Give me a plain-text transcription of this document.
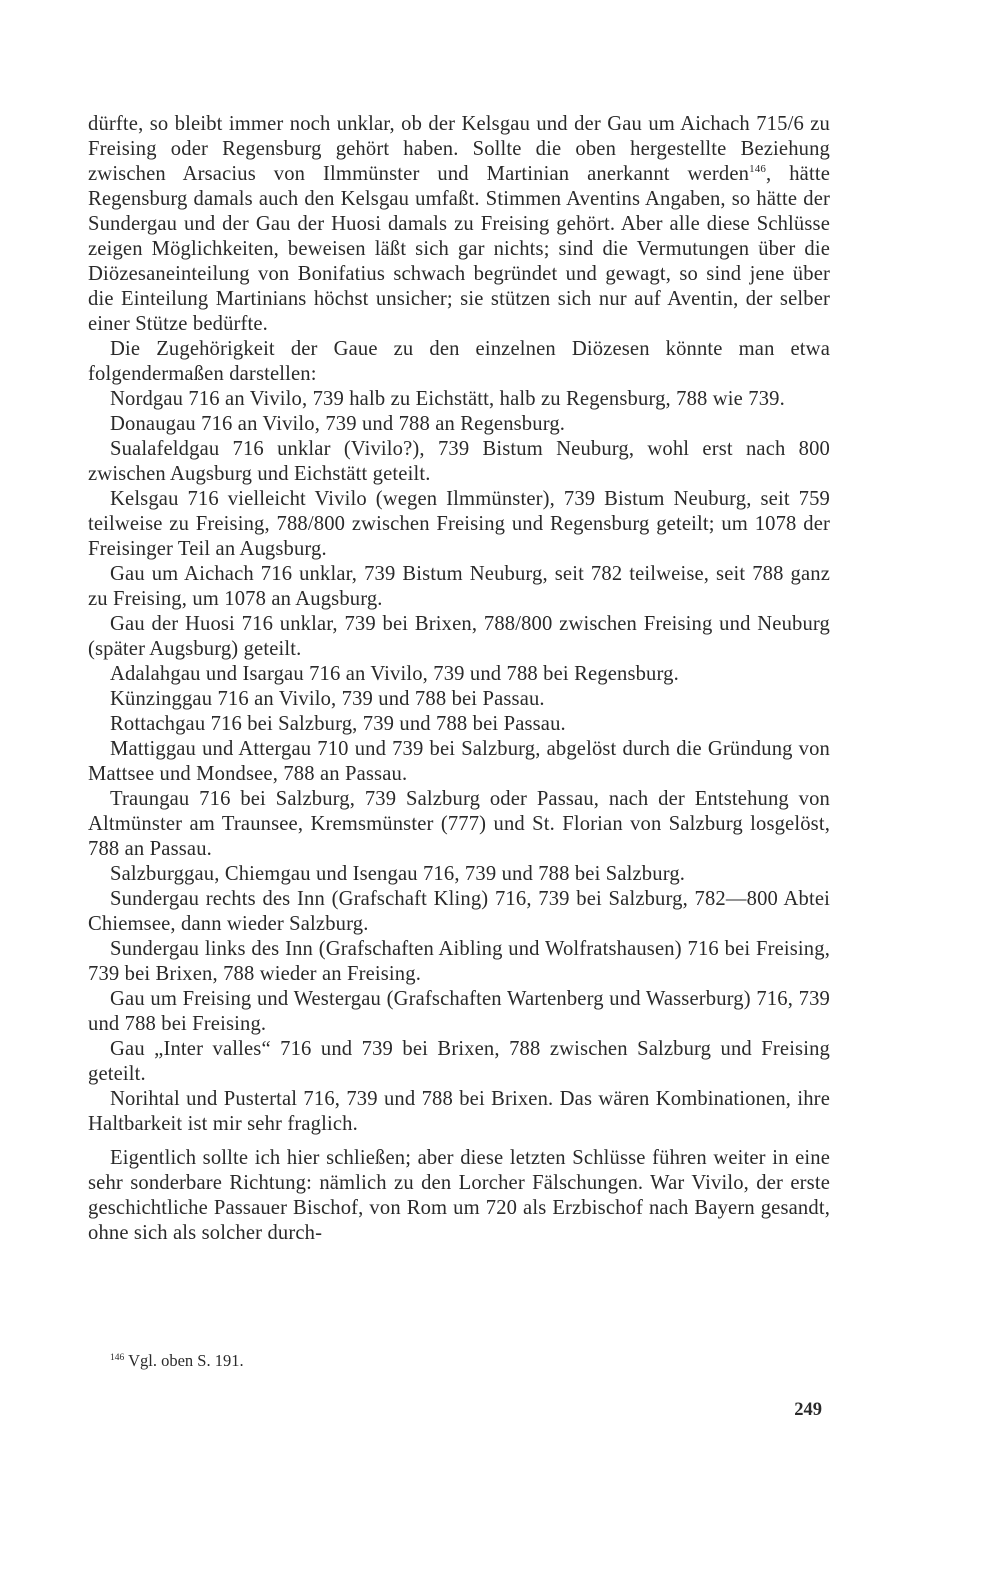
dürfte, so bleibt immer noch unklar, ob der Kelsgau und der Gau um Aichach 715/6 zu Freising oder Regensburg gehört haben. Sollte die oben hergestellte Beziehung zwischen Arsacius von Ilmmünster und Martinian anerkannt werden$^{146}$, hätte Regensburg damals auch den Kelsgau umfaßt. Stimmen Aventins Angaben, so hätte der Sundergau und der Gau der Huosi damals zu Freising gehört. Aber alle diese Schlüsse zeigen Möglichkeiten, beweisen läßt sich gar nichts; sind die Vermutungen über die Diözesaneinteilung von Bonifatius schwach begründet und gewagt, so sind jene über die Einteilung Martinians höchst unsicher; sie stützen sich nur auf Aventin, der selber einer Stütze bedürfte.

Die Zugehörigkeit der Gaue zu den einzelnen Diözesen könnte man etwa folgendermaßen darstellen:

Nordgau 716 an Vivilo, 739 halb zu Eichstätt, halb zu Regensburg, 788 wie 739.

Donaugau 716 an Vivilo, 739 und 788 an Regensburg.

Sualafeldgau 716 unklar (Vivilo?), 739 Bistum Neuburg, wohl erst nach 800 zwischen Augsburg und Eichstätt geteilt.

Kelsgau 716 vielleicht Vivilo (wegen Ilmmünster), 739 Bistum Neuburg, seit 759 teilweise zu Freising, 788/800 zwischen Freising und Regensburg geteilt; um 1078 der Freisinger Teil an Augsburg.

Gau um Aichach 716 unklar, 739 Bistum Neuburg, seit 782 teilweise, seit 788 ganz zu Freising, um 1078 an Augsburg.

Gau der Huosi 716 unklar, 739 bei Brixen, 788/800 zwischen Freising und Neuburg (später Augsburg) geteilt.

Adalahgau und Isargau 716 an Vivilo, 739 und 788 bei Regensburg.

Künzinggau 716 an Vivilo, 739 und 788 bei Passau.

Rottachgau 716 bei Salzburg, 739 und 788 bei Passau.

Mattiggau und Attergau 710 und 739 bei Salzburg, abgelöst durch die Gründung von Mattsee und Mondsee, 788 an Passau.

Traungau 716 bei Salzburg, 739 Salzburg oder Passau, nach der Entstehung von Altmünster am Traunsee, Kremsmünster (777) und St. Florian von Salzburg losgelöst, 788 an Passau.

Salzburggau, Chiemgau und Isengau 716, 739 und 788 bei Salzburg.

Sundergau rechts des Inn (Grafschaft Kling) 716, 739 bei Salzburg, 782—800 Abtei Chiemsee, dann wieder Salzburg.

Sundergau links des Inn (Grafschaften Aibling und Wolfratshausen) 716 bei Freising, 739 bei Brixen, 788 wieder an Freising.

Gau um Freising und Westergau (Grafschaften Wartenberg und Wasserburg) 716, 739 und 788 bei Freising.

Gau „Inter valles“ 716 und 739 bei Brixen, 788 zwischen Salzburg und Freising geteilt.

Norihtal und Pustertal 716, 739 und 788 bei Brixen. Das wären Kombinationen, ihre Haltbarkeit ist mir sehr fraglich.

Eigentlich sollte ich hier schließen; aber diese letzten Schlüsse führen weiter in eine sehr sonderbare Richtung: nämlich zu den Lorcher Fälschungen. War Vivilo, der erste geschichtliche Passauer Bischof, von Rom um 720 als Erzbischof nach Bayern gesandt, ohne sich als solcher durch-

$^{146}$ Vgl. oben S. 191.
249
